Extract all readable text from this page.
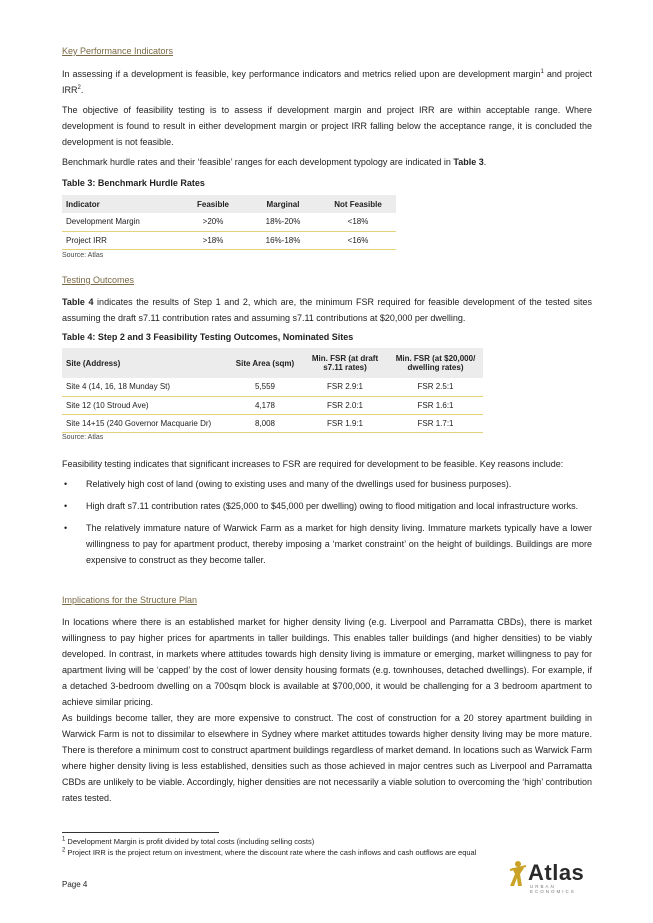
Key Performance Indicators

In assessing if a development is feasible, key performance indicators and metrics relied upon are development margin$^1$ and project IRR$^2$.

The objective of feasibility testing is to assess if development margin and project IRR are within acceptable range. Where development is found to result in either development margin or project IRR falling below the acceptance range, it is concluded the development is not feasible.

Benchmark hurdle rates and their ‘feasible’ ranges for each development typology are indicated in Table 3.

Table 3: Benchmark Hurdle Rates
Indicator	Feasible	Marginal	Not Feasible
Development Margin	>20%	18%-20%	<18%
Project IRR	>18%	16%-18%	<16%
Source: Atlas
Testing Outcomes

Table 4 indicates the results of Step 1 and 2, which are, the minimum FSR required for feasible development of the tested sites assuming the draft s7.11 contribution rates and assuming s7.11 contributions at $20,000 per dwelling.

Table 4: Step 2 and 3 Feasibility Testing Outcomes, Nominated Sites
Site (Address)	Site Area (sqm)	Min. FSR (at draft s7.11 rates)	Min. FSR (at $20,000/ dwelling rates)
Site 4 (14, 16, 18 Munday St)	5,559	FSR 2.9:1	FSR 2.5:1
Site 12 (10 Stroud Ave)	4,178	FSR 2.0:1	FSR 1.6:1
Site 14+15 (240 Governor Macquarie Dr)	8,008	FSR 1.9:1	FSR 1.7:1
Source: Atlas

Feasibility testing indicates that significant increases to FSR are required for development to be feasible. Key reasons include:

• Relatively high cost of land (owing to existing uses and many of the dwellings used for business purposes).
• High draft s7.11 contribution rates ($25,000 to $45,000 per dwelling) owing to flood mitigation and local infrastructure works.
• The relatively immature nature of Warwick Farm as a market for high density living. Immature markets typically have a lower willingness to pay for apartment product, thereby imposing a ‘market constraint’ on the height of buildings. Buildings are more expensive to construct as they become taller.
Implications for the Structure Plan

In locations where there is an established market for higher density living (e.g. Liverpool and Parramatta CBDs), there is market willingness to pay higher prices for apartments in taller buildings. This enables taller buildings (and higher densities) to be viably developed. In contrast, in markets where attitudes towards high density living is immature or emerging, market willingness to pay for apartment living will be ‘capped’ by the cost of lower density housing formats (e.g. townhouses, detached dwellings). For example, if a detached 3-bedroom dwelling on a 700sqm block is available at $700,000, it would be challenging for a 3 bedroom apartment to achieve similar pricing.

As buildings become taller, they are more expensive to construct. The cost of construction for a 20 storey apartment building in Warwick Farm is not to dissimilar to elsewhere in Sydney where market attitudes towards higher density living may be more mature. There is therefore a minimum cost to construct apartment buildings regardless of market demand. In locations such as Warwick Farm where higher density living is less established, densities such as those achieved in major centres such as Liverpool and Parramatta CBDs are unlikely to be viable. Accordingly, higher densities are not necessarily a viable solution to overcoming the ‘high’ contribution rates tested.

$^1$ Development Margin is profit divided by total costs (including selling costs)
$^2$ Project IRR is the project return on investment, where the discount rate where the cash inflows and cash outflows are equal
Page 4	Atlas
URBAN ECONOMICS
